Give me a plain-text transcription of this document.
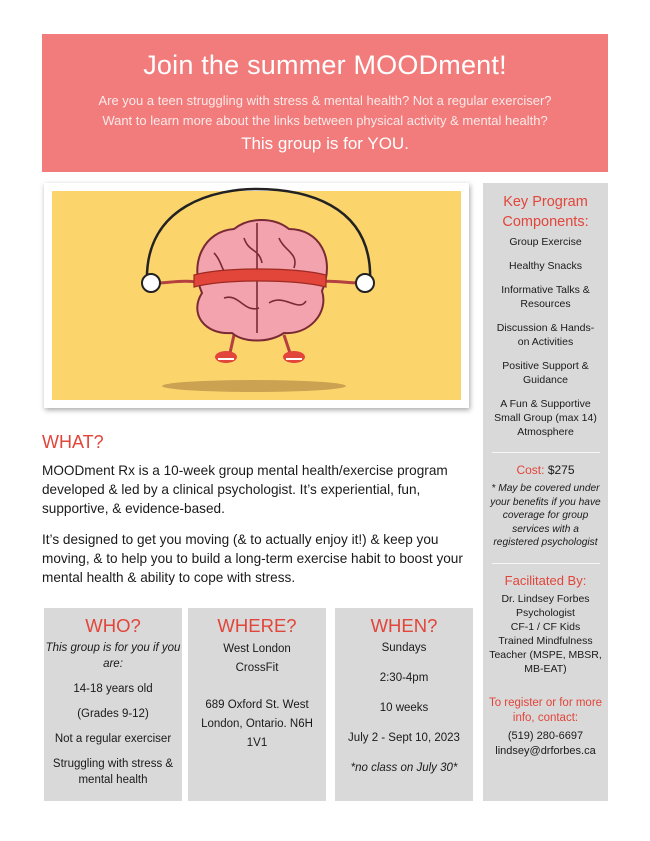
Join the summer MOODment!
Are you a teen struggling with stress & mental health? Not a regular exerciser?
Want to learn more about the links between physical activity & mental health?
This group is for YOU.
Key Program Components:
Group Exercise
Healthy Snacks
Informative Talks & Resources
Discussion & Hands-on Activities
Positive Support & Guidance
A Fun & Supportive Small Group (max 14) Atmosphere
Cost: $275
* May be covered under your benefits if you have coverage for group services with a registered psychologist
Facilitated By:
Dr. Lindsey Forbes
Psychologist
CF-1 / CF Kids
Trained Mindfulness Teacher (MSPE, MBSR, MB-EAT)
To register or for more info, contact:
(519) 280-6697
lindsey@drforbes.ca
WHAT?

MOODment Rx is a 10-week group mental health/exercise program developed & led by a clinical psychologist. It’s experiential, fun, supportive, & evidence-based.

It’s designed to get you moving (& to actually enjoy it!) & keep you moving, & to help you to build a long-term exercise habit to boost your mental health & ability to cope with stress.

WHO?
This group is for you if you are:
14-18 years old
(Grades 9-12)
Not a regular exerciser
Struggling with stress & mental health
WHERE?
West London CrossFit
689 Oxford St. West London, Ontario. N6H 1V1
WHEN?
Sundays
2:30-4pm
10 weeks
July 2 - Sept 10, 2023
*no class on July 30*
